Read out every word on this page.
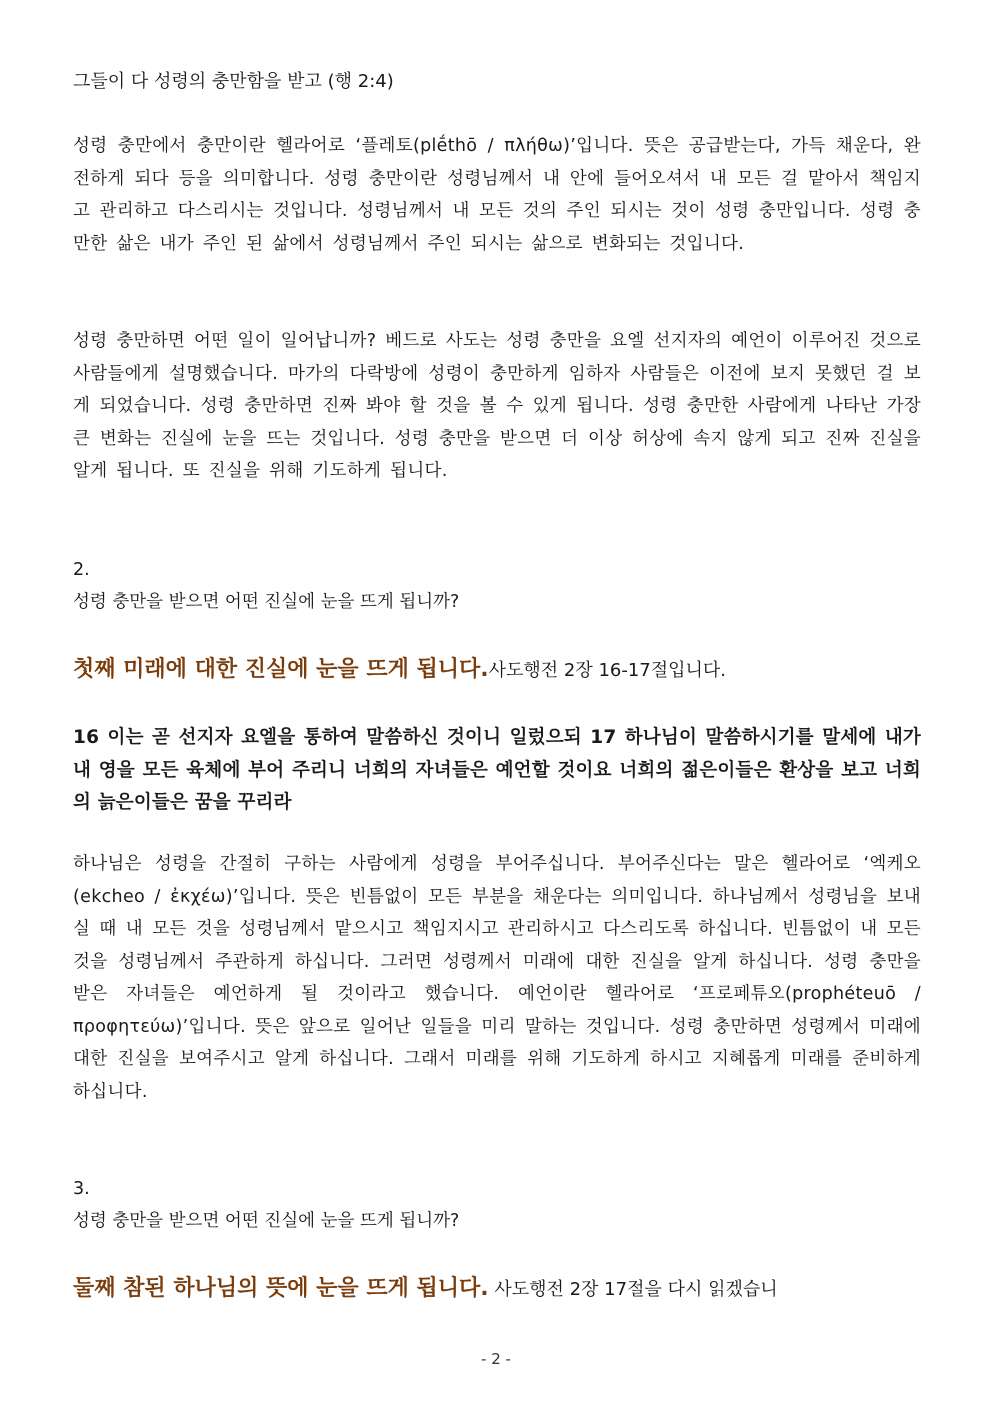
그들이 다 성령의 충만함을 받고 (행 2:4)

성령 충만에서 충만이란 헬라어로 ‘플레토(plḗthō / πλήθω)’입니다. 뜻은 공급받는다, 가득 채운다, 완전하게 되다 등을 의미합니다. 성령 충만이란 성령님께서 내 안에 들어오셔서 내 모든 걸 맡아서 책임지고 관리하고 다스리시는 것입니다. 성령님께서 내 모든 것의 주인 되시는 것이 성령 충만입니다. 성령 충만한 삶은 내가 주인 된 삶에서 성령님께서 주인 되시는 삶으로 변화되는 것입니다.

성령 충만하면 어떤 일이 일어납니까? 베드로 사도는 성령 충만을 요엘 선지자의 예언이 이루어진 것으로 사람들에게 설명했습니다. 마가의 다락방에 성령이 충만하게 임하자 사람들은 이전에 보지 못했던 걸 보게 되었습니다. 성령 충만하면 진짜 봐야 할 것을 볼 수 있게 됩니다. 성령 충만한 사람에게 나타난 가장 큰 변화는 진실에 눈을 뜨는 것입니다. 성령 충만을 받으면 더 이상 허상에 속지 않게 되고 진짜 진실을 알게 됩니다. 또 진실을 위해 기도하게 됩니다.

2.

성령 충만을 받으면 어떤 진실에 눈을 뜨게 됩니까?

첫째 미래에 대한 진실에 눈을 뜨게 됩니다.사도행전 2장 16-17절입니다.

16 이는 곧 선지자 요엘을 통하여 말씀하신 것이니 일렀으되 17 하나님이 말씀하시기를 말세에 내가 내 영을 모든 육체에 부어 주리니 너희의 자녀들은 예언할 것이요 너희의 젊은이들은 환상을 보고 너희의 늙은이들은 꿈을 꾸리라

하나님은 성령을 간절히 구하는 사람에게 성령을 부어주십니다. 부어주신다는 말은 헬라어로 ‘엑케오(ekcheo / ἐκχέω)’입니다. 뜻은 빈틈없이 모든 부분을 채운다는 의미입니다. 하나님께서 성령님을 보내실 때 내 모든 것을 성령님께서 맡으시고 책임지시고 관리하시고 다스리도록 하십니다. 빈틈없이 내 모든 것을 성령님께서 주관하게 하십니다. 그러면 성령께서 미래에 대한 진실을 알게 하십니다. 성령 충만을 받은 자녀들은 예언하게 될 것이라고 했습니다. 예언이란 헬라어로 ‘프로페튜오(prophéteuō / προφητεύω)’입니다. 뜻은 앞으로 일어난 일들을 미리 말하는 것입니다. 성령 충만하면 성령께서 미래에 대한 진실을 보여주시고 알게 하십니다. 그래서 미래를 위해 기도하게 하시고 지혜롭게 미래를 준비하게 하십니다.

3.

성령 충만을 받으면 어떤 진실에 눈을 뜨게 됩니까?

둘째 참된 하나님의 뜻에 눈을 뜨게 됩니다. 사도행전 2장 17절을 다시 읽겠습니

- 2 -
